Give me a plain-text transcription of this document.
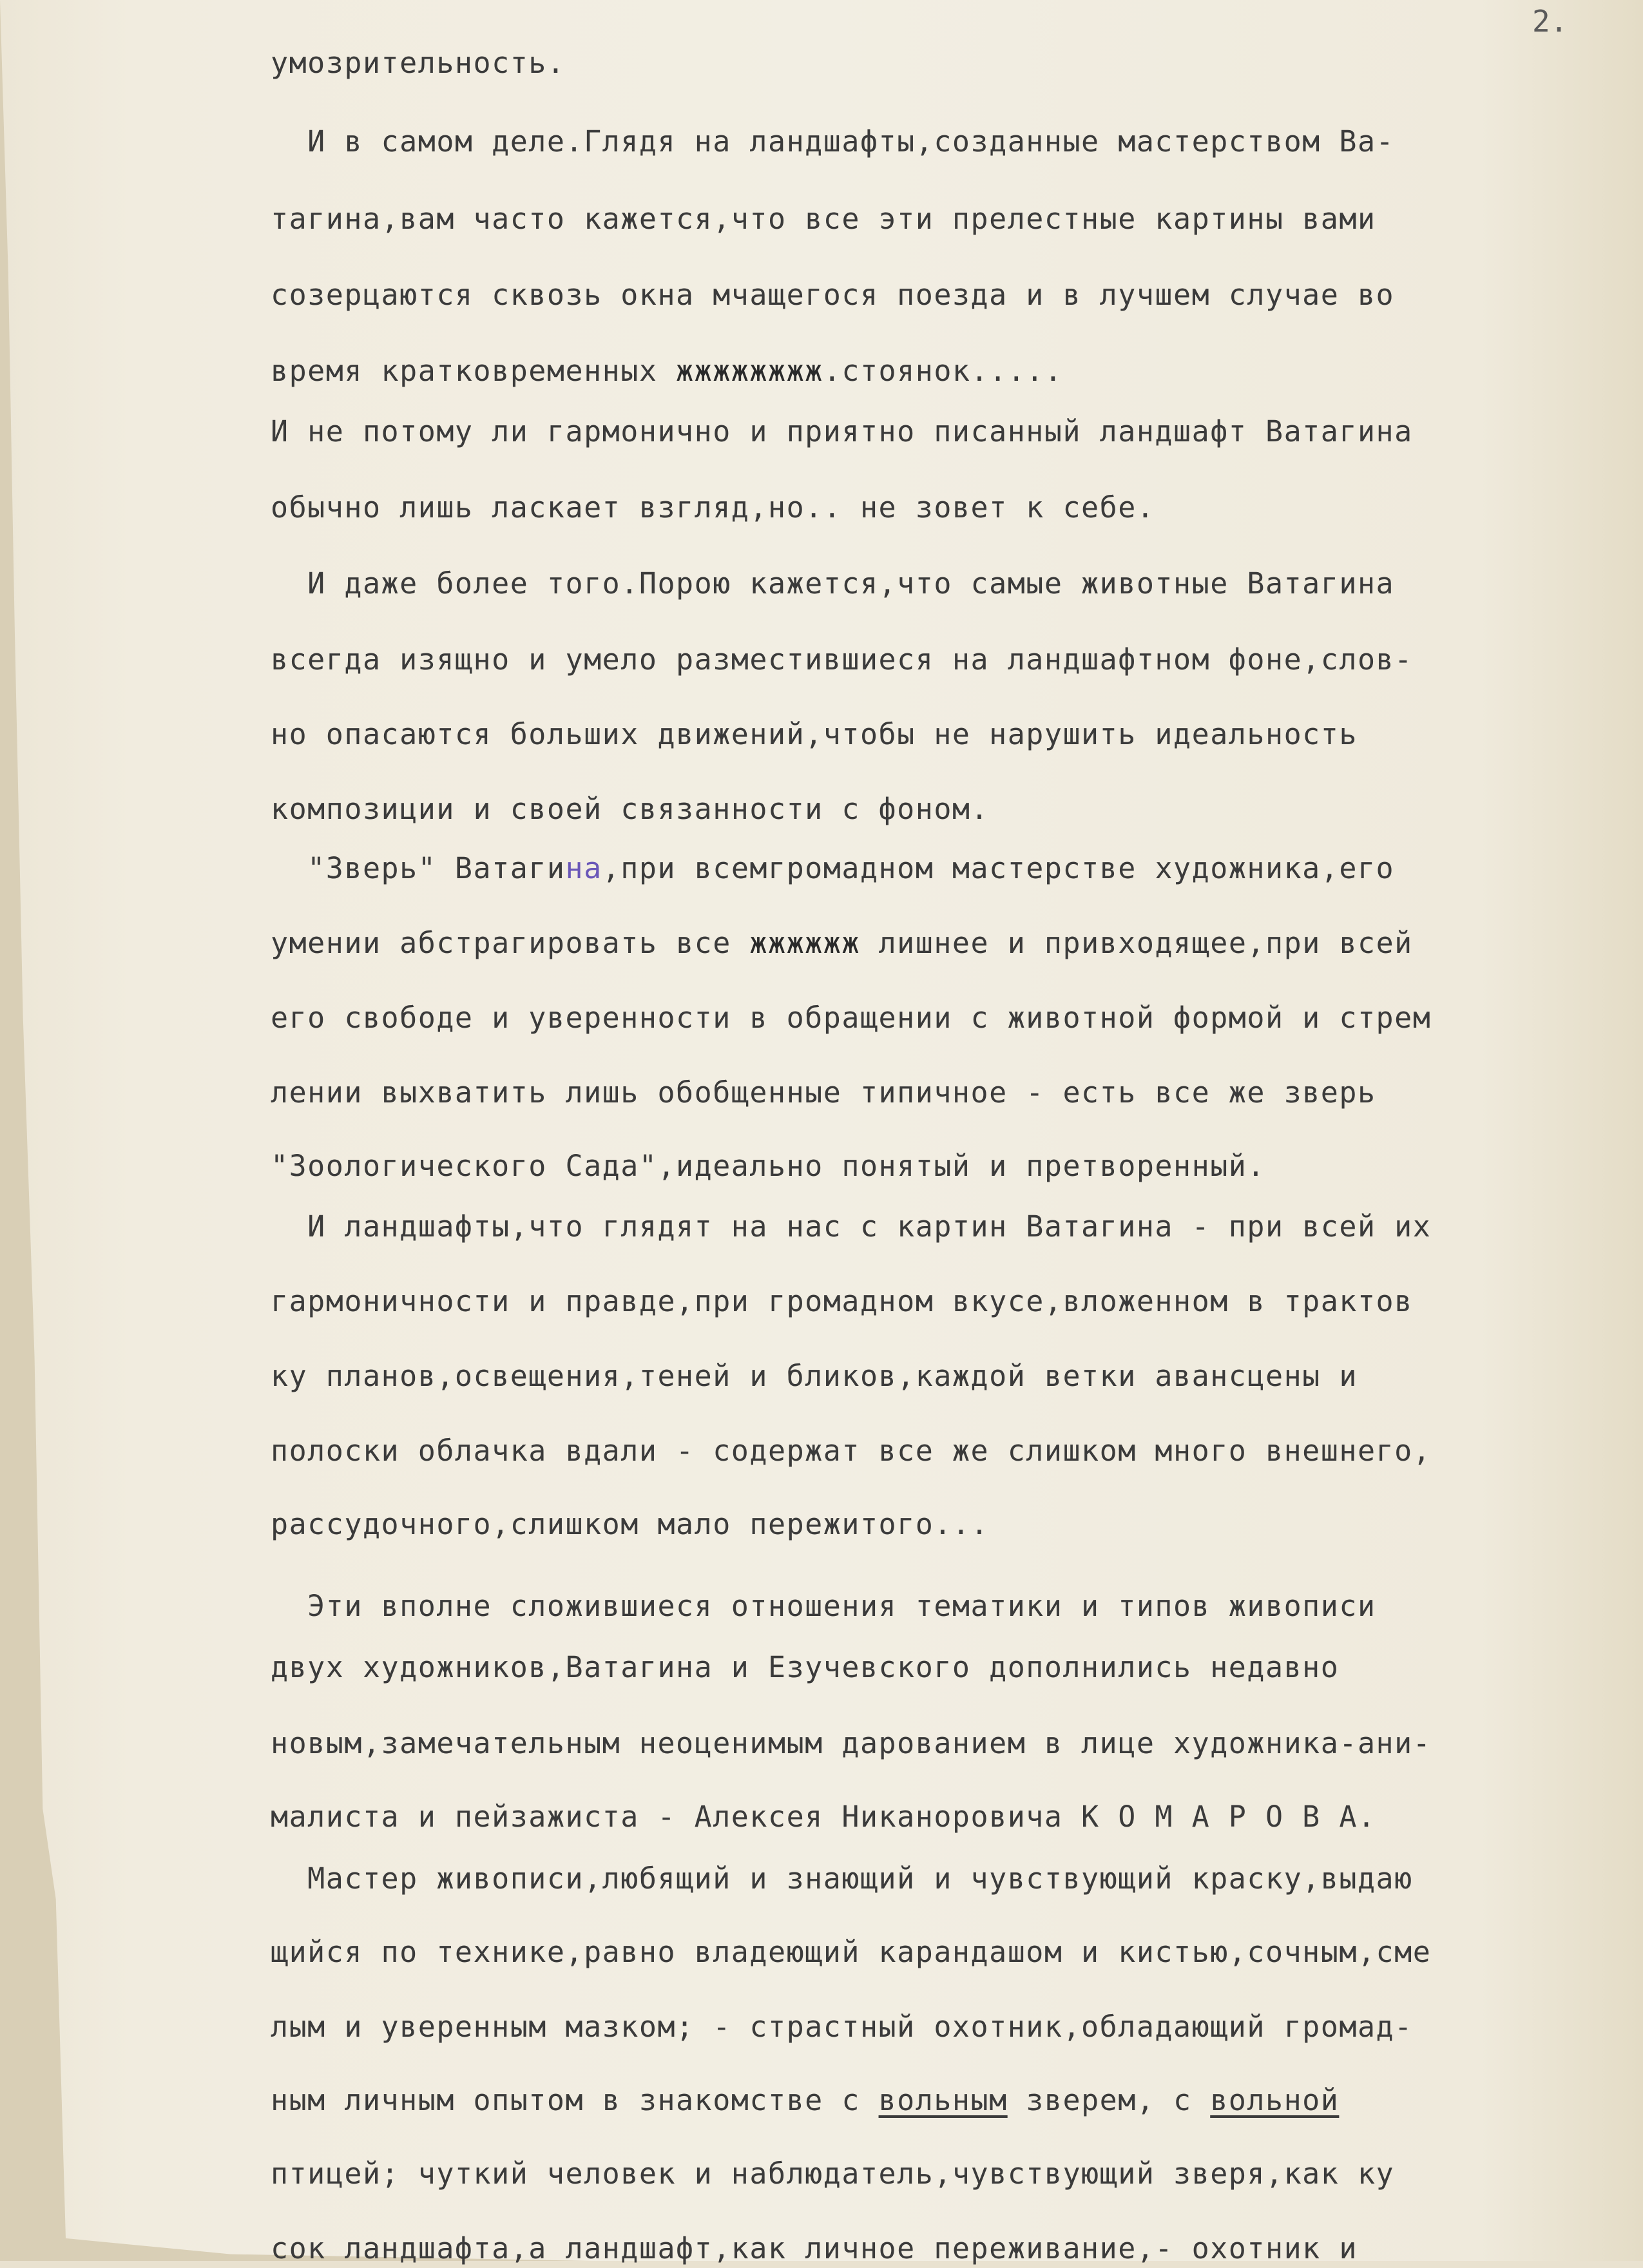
2.
умозрительность.
И в самом деле.Глядя на ландшафты,созданные мастерством Ва-
тагина,вам часто кажется,что все эти прелестные картины вами
созерцаются сквозь окна мчащегося поезда и в лучшем случае во
время кратковременных жжжжжжжж.стоянок.....
И не потому ли гармонично и приятно писанный ландшафт Ватагина
обычно лишь ласкает взгляд,но.. не зовет к себе.
И даже более того.Порою кажется,что самые животные Ватагина
всегда изящно и умело разместившиеся на ландшафтном фоне,слов-
но опасаются больших движений,чтобы не нарушить идеальность
композиции и своей связанности с фоном.
"Зверь" Ватагина,при всемгромадном мастерстве художника,его
умении абстрагировать все жжжжжж лишнее и привходящее,при всей
его свободе и уверенности в обращении с животной формой и стрем
лении выхватить лишь обобщенные типичное - есть все же зверь
"Зоологического Сада",идеально понятый и претворенный.
И ландшафты,что глядят на нас с картин Ватагина - при всей их
гармоничности и правде,при громадном вкусе,вложенном в трактов
ку планов,освещения,теней и бликов,каждой ветки авансцены и
полоски облачка вдали - содержат все же слишком много внешнего,
рассудочного,слишком мало пережитого...
Эти вполне сложившиеся отношения тематики и типов живописи
двух художников,Ватагина и Езучевского дополнились недавно
новым,замечательным неоценимым дарованием в лице художника-ани-
малиста и пейзажиста - Алексея Никаноровича К О М А Р О В А.
Мастер живописи,любящий и знающий и чувствующий краску,выдаю
щийся по технике,равно владеющий карандашом и кистью,сочным,сме
лым и уверенным мазком; - страстный охотник,обладающий громад-
ным личным опытом в знакомстве с вольным зверем, с вольной
птицей; чуткий человек и наблюдатель,чувствующий зверя,как ку
сок ландшафта,а ландшафт,как личное переживание,- охотник и
